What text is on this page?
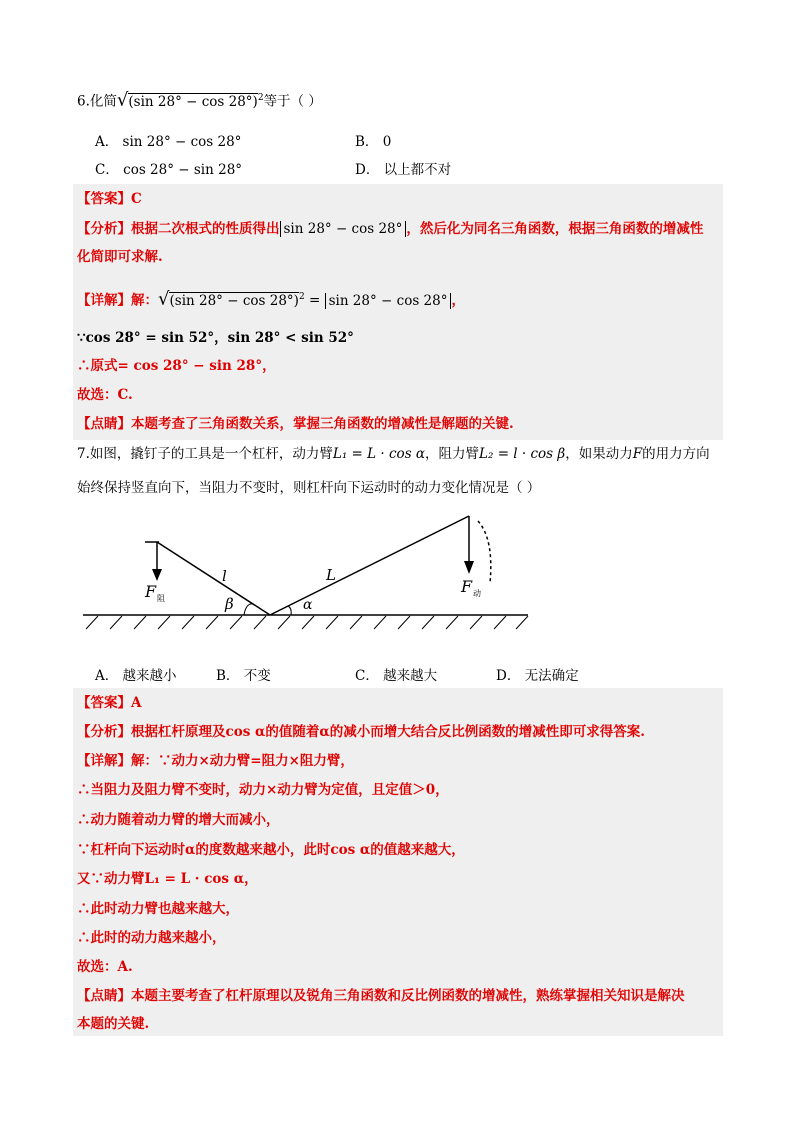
6.化简√(sin 28° − cos 28°)$^2$等于（ ）
A． sin 28° − cos 28°	B． 0
C． cos 28° − sin 28°	D． 以上都不对
【答案】C
【分析】根据二次根式的性质得出 sin 28° − cos 28° ，然后化为同名三角函数，根据三角函数的增减性
化简即可求解.
【详解】解：√(sin 28° − cos 28°)$^2$ = sin 28° − cos 28° ，
∵cos 28° = sin 52°，sin 28° < sin 52°
∴原式= cos 28° − sin 28°，
故选：C.
【点睛】本题考查了三角函数关系，掌握三角函数的增减性是解题的关键.
7.如图，撬钉子的工具是一个杠杆，动力臂L₁ = L · cos α，阻力臂L₂ = l · cos β，如果动力F的用力方向
始终保持竖直向下，当阻力不变时，则杠杆向下运动时的动力变化情况是（ ）
l	L
β	α
F 阻
F 动
A． 越来越小	B． 不变	C． 越来越大	D． 无法确定
【答案】A
【分析】根据杠杆原理及cos α的值随着α的减小而增大结合反比例函数的增减性即可求得答案.
【详解】解：∵动力×动力臂=阻力×阻力臂，
∴当阻力及阻力臂不变时，动力×动力臂为定值，且定值＞0，
∴动力随着动力臂的增大而减小，
∵杠杆向下运动时α的度数越来越小，此时cos α的值越来越大，
又∵动力臂L₁ = L · cos α，
∴此时动力臂也越来越大，
∴此时的动力越来越小，
故选：A.
【点睛】本题主要考查了杠杆原理以及锐角三角函数和反比例函数的增减性，熟练掌握相关知识是解决
本题的关键.
